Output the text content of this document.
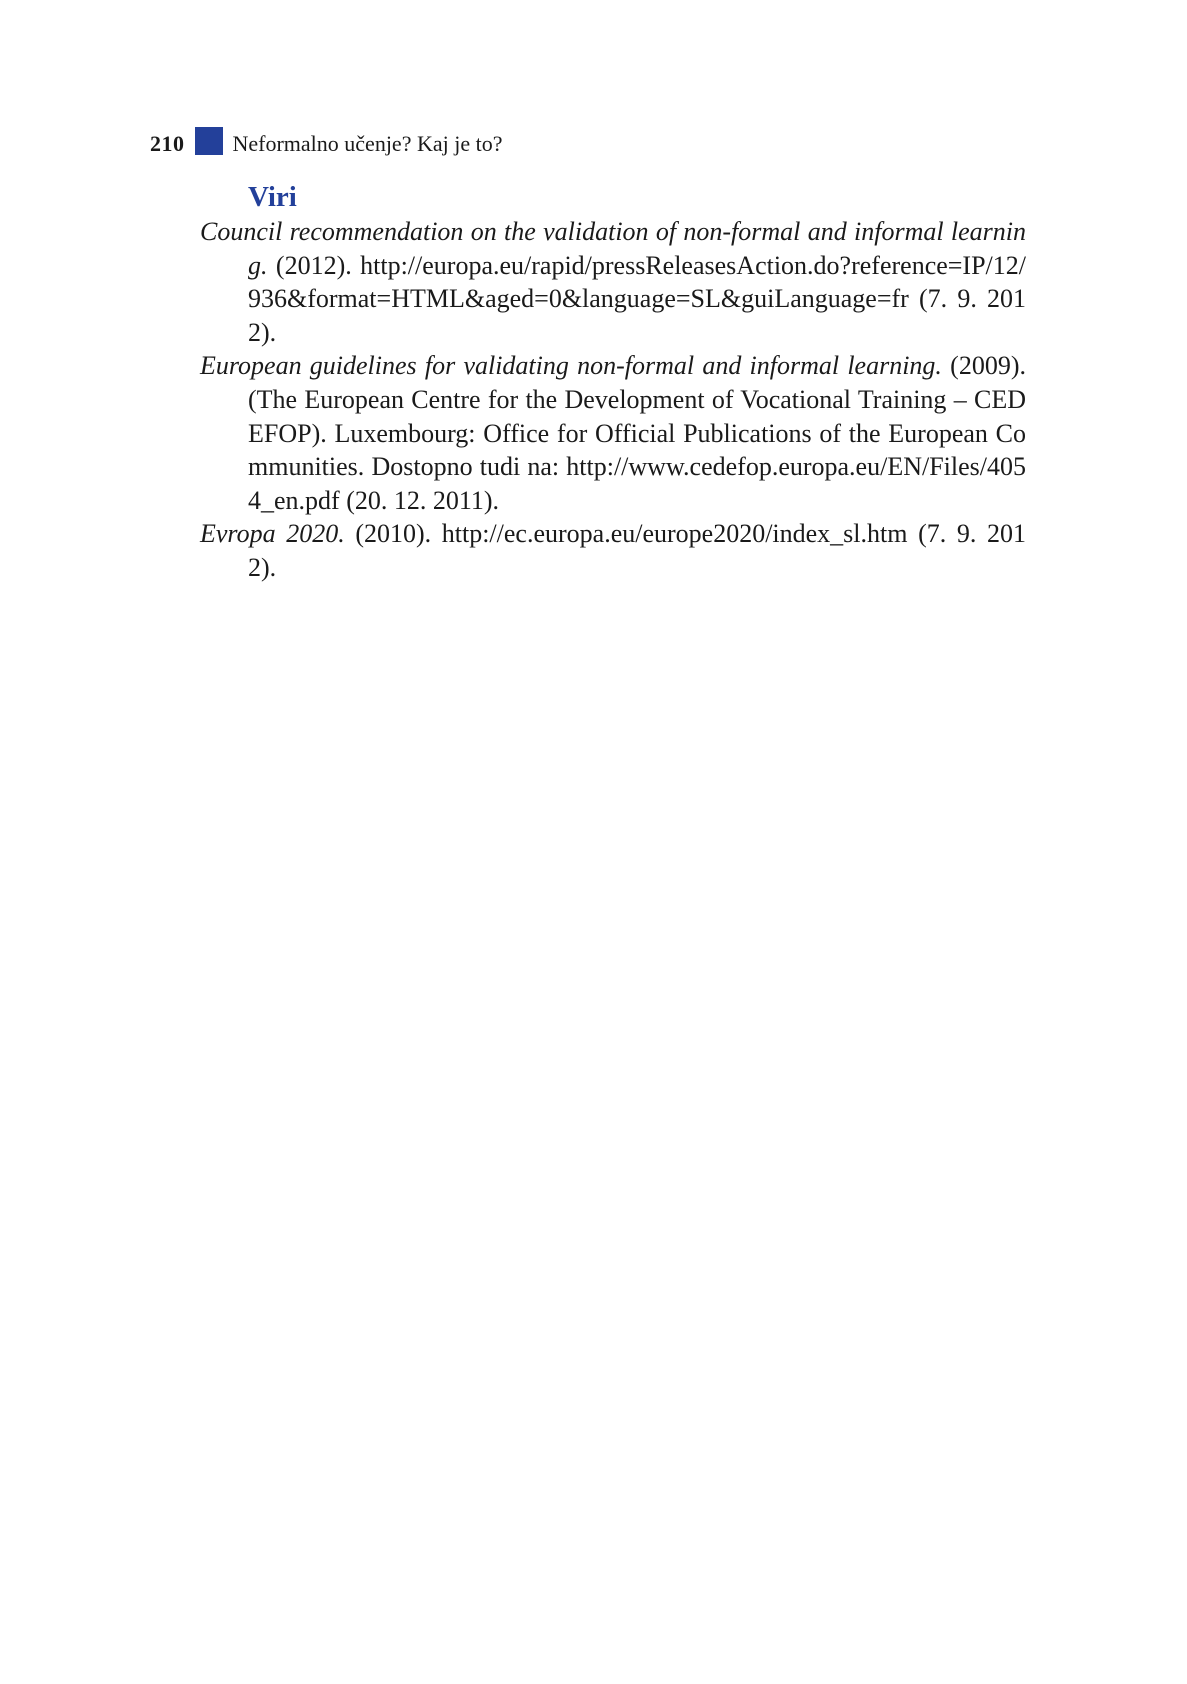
210 Neformalno učenje? Kaj je to?
Viri
Council recommendation on the validation of non-formal and informal learning. (2012). http://europa.eu/rapid/pressReleasesAction.do?reference=IP/12/936&format=HTML&aged=0&language=SL&guiLanguage=fr (7. 9. 2012).
European guidelines for validating non-formal and informal learning. (2009). (The European Centre for the Development of Vocational Training – CEDEFOP). Luxembourg: Office for Official Publications of the European Communities. Dostopno tudi na: http://www.cedefop.europa.eu/EN/Files/4054_en.pdf (20. 12. 2011).
Evropa 2020. (2010). http://ec.europa.eu/europe2020/index_sl.htm (7. 9. 2012).
